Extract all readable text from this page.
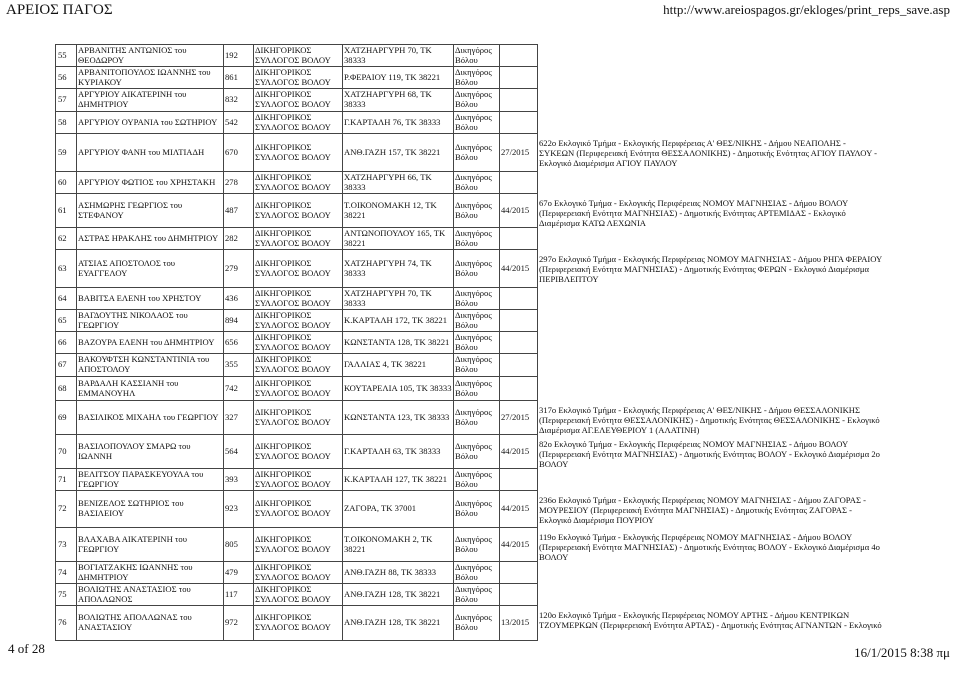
ΑΡΕΙΟΣ ΠΑΓΟΣ	http://www.areiospagos.gr/ekloges/print_reps_save.asp
55	ΑΡΒΑΝΙΤΗΣ ΑΝΤΩΝΙΟΣ του ΘΕΟΔΩΡΟΥ	192	ΔΙΚΗΓΟΡΙΚΟΣ ΣΥΛΛΟΓΟΣ ΒΟΛΟΥ	ΧΑΤΖΗΑΡΓΥΡΗ 70, ΤΚ 38333	Δικηγόρος Βόλου		
56	ΑΡΒΑΝΙΤΟΠΟΥΛΟΣ ΙΩΑΝΝΗΣ του ΚΥΡΙΑΚΟΥ	861	ΔΙΚΗΓΟΡΙΚΟΣ ΣΥΛΛΟΓΟΣ ΒΟΛΟΥ	Ρ.ΦΕΡΑΙΟΥ 119, ΤΚ 38221	Δικηγόρος Βόλου		
57	ΑΡΓΥΡΙΟΥ ΑΙΚΑΤΕΡΙΝΗ του ΔΗΜΗΤΡΙΟΥ	832	ΔΙΚΗΓΟΡΙΚΟΣ ΣΥΛΛΟΓΟΣ ΒΟΛΟΥ	ΧΑΤΖΗΑΡΓΥΡΗ 68, ΤΚ 38333	Δικηγόρος Βόλου		
58	ΑΡΓΥΡΙΟΥ ΟΥΡΑΝΙΑ του ΣΩΤΗΡΙΟΥ	542	ΔΙΚΗΓΟΡΙΚΟΣ ΣΥΛΛΟΓΟΣ ΒΟΛΟΥ	Γ.ΚΑΡΤΑΛΗ 76, ΤΚ 38333	Δικηγόρος Βόλου		
59	ΑΡΓΥΡΙΟΥ ΦΑΝΗ του ΜΙΛΤΙΑΔΗ	670	ΔΙΚΗΓΟΡΙΚΟΣ ΣΥΛΛΟΓΟΣ ΒΟΛΟΥ	ΑΝΘ.ΓΑΖΗ 157, ΤΚ 38221	Δικηγόρος Βόλου	27/2015	622ο Εκλογικό Τμήμα - Εκλογικής Περιφέρειας Α' ΘΕΣ/ΝΙΚΗΣ - Δήμου ΝΕΑΠΟΛΗΣ - ΣΥΚΕΩΝ (Περιφερειακή Ενότητα ΘΕΣΣΑΛΟΝΙΚΗΣ) - Δημοτικής Ενότητας ΑΓΙΟΥ ΠΑΥΛΟΥ - Εκλογικό Διαμέρισμα ΑΓΙΟΥ ΠΑΥΛΟΥ
60	ΑΡΓΥΡΙΟΥ ΦΩΤΙΟΣ του ΧΡΗΣΤΑΚΗ	278	ΔΙΚΗΓΟΡΙΚΟΣ ΣΥΛΛΟΓΟΣ ΒΟΛΟΥ	ΧΑΤΖΗΑΡΓΥΡΗ 66, ΤΚ 38333	Δικηγόρος Βόλου		
61	ΑΣΗΜΩΡΗΣ ΓΕΩΡΓΙΟΣ του ΣΤΕΦΑΝΟΥ	487	ΔΙΚΗΓΟΡΙΚΟΣ ΣΥΛΛΟΓΟΣ ΒΟΛΟΥ	Τ.ΟΙΚΟΝΟΜΑΚΗ 12, ΤΚ 38221	Δικηγόρος Βόλου	44/2015	67ο Εκλογικό Τμήμα - Εκλογικής Περιφέρειας ΝΟΜΟΥ ΜΑΓΝΗΣΙΑΣ - Δήμου ΒΟΛΟΥ (Περιφερειακή Ενότητα ΜΑΓΝΗΣΙΑΣ) - Δημοτικής Ενότητας ΑΡΤΕΜΙΔΑΣ - Εκλογικό Διαμέρισμα ΚΑΤΩ ΛΕΧΩΝΙΑ
62	ΑΣΤΡΑΣ ΗΡΑΚΛΗΣ του ΔΗΜΗΤΡΙΟΥ	282	ΔΙΚΗΓΟΡΙΚΟΣ ΣΥΛΛΟΓΟΣ ΒΟΛΟΥ	ΑΝΤΩΝΟΠΟΥΛΟΥ 165, ΤΚ 38221	Δικηγόρος Βόλου		
63	ΑΤΣΙΑΣ ΑΠΟΣΤΟΛΟΣ του ΕΥΑΓΓΕΛΟΥ	279	ΔΙΚΗΓΟΡΙΚΟΣ ΣΥΛΛΟΓΟΣ ΒΟΛΟΥ	ΧΑΤΖΗΑΡΓΥΡΗ 74, ΤΚ 38333	Δικηγόρος Βόλου	44/2015	297ο Εκλογικό Τμήμα - Εκλογικής Περιφέρειας ΝΟΜΟΥ ΜΑΓΝΗΣΙΑΣ - Δήμου ΡΗΓΑ ΦΕΡΑΙΟΥ (Περιφερειακή Ενότητα ΜΑΓΝΗΣΙΑΣ) - Δημοτικής Ενότητας ΦΕΡΩΝ - Εκλογικό Διαμέρισμα ΠΕΡΙΒΛΕΠΤΟΥ
64	ΒΑΒΙΤΣΑ ΕΛΕΝΗ του ΧΡΗΣΤΟΥ	436	ΔΙΚΗΓΟΡΙΚΟΣ ΣΥΛΛΟΓΟΣ ΒΟΛΟΥ	ΧΑΤΖΗΑΡΓΥΡΗ 70, ΤΚ 38333	Δικηγόρος Βόλου		
65	ΒΑΓΔΟΥΤΗΣ ΝΙΚΟΛΑΟΣ του ΓΕΩΡΓΙΟΥ	894	ΔΙΚΗΓΟΡΙΚΟΣ ΣΥΛΛΟΓΟΣ ΒΟΛΟΥ	Κ.ΚΑΡΤΑΛΗ 172, ΤΚ 38221	Δικηγόρος Βόλου		
66	ΒΑΖΟΥΡΑ ΕΛΕΝΗ του ΔΗΜΗΤΡΙΟΥ	656	ΔΙΚΗΓΟΡΙΚΟΣ ΣΥΛΛΟΓΟΣ ΒΟΛΟΥ	ΚΩΝΣΤΑΝΤΑ 128, ΤΚ 38221	Δικηγόρος Βόλου		
67	ΒΑΚΟΥΦΤΣΗ ΚΩΝΣΤΑΝΤΙΝΙΑ του ΑΠΟΣΤΟΛΟΥ	355	ΔΙΚΗΓΟΡΙΚΟΣ ΣΥΛΛΟΓΟΣ ΒΟΛΟΥ	ΓΑΛΛΙΑΣ 4, ΤΚ 38221	Δικηγόρος Βόλου		
68	ΒΑΡΔΑΛΗ ΚΑΣΣΙΑΝΗ του ΕΜΜΑΝΟΥΗΛ	742	ΔΙΚΗΓΟΡΙΚΟΣ ΣΥΛΛΟΓΟΣ ΒΟΛΟΥ	ΚΟΥΤΑΡΕΛΙΑ 105, ΤΚ 38333	Δικηγόρος Βόλου		
69	ΒΑΣΙΛΙΚΟΣ ΜΙΧΑΗΛ του ΓΕΩΡΓΙΟΥ	327	ΔΙΚΗΓΟΡΙΚΟΣ ΣΥΛΛΟΓΟΣ ΒΟΛΟΥ	ΚΩΝΣΤΑΝΤΑ 123, ΤΚ 38333	Δικηγόρος Βόλου	27/2015	317ο Εκλογικό Τμήμα - Εκλογικής Περιφέρειας Α' ΘΕΣ/ΝΙΚΗΣ - Δήμου ΘΕΣΣΑΛΟΝΙΚΗΣ (Περιφερειακή Ενότητα ΘΕΣΣΑΛΟΝΙΚΗΣ) - Δημοτικής Ενότητας ΘΕΣΣΑΛΟΝΙΚΗΣ - Εκλογικό Διαμέρισμα ΑΓ.ΕΛΕΥΘΕΡΙΟΥ 1 (ΑΛΑΤΙΝΗ)
70	ΒΑΣΙΛΟΠΟΥΛΟΥ ΣΜΑΡΩ του ΙΩΑΝΝΗ	564	ΔΙΚΗΓΟΡΙΚΟΣ ΣΥΛΛΟΓΟΣ ΒΟΛΟΥ	Γ.ΚΑΡΤΑΛΗ 63, ΤΚ 38333	Δικηγόρος Βόλου	44/2015	82ο Εκλογικό Τμήμα - Εκλογικής Περιφέρειας ΝΟΜΟΥ ΜΑΓΝΗΣΙΑΣ - Δήμου ΒΟΛΟΥ (Περιφερειακή Ενότητα ΜΑΓΝΗΣΙΑΣ) - Δημοτικής Ενότητας ΒΟΛΟΥ - Εκλογικό Διαμέρισμα 2ο ΒΟΛΟΥ
71	ΒΕΛΙΤΣΟΥ ΠΑΡΑΣΚΕΥΟΥΛΑ του ΓΕΩΡΓΙΟΥ	393	ΔΙΚΗΓΟΡΙΚΟΣ ΣΥΛΛΟΓΟΣ ΒΟΛΟΥ	Κ.ΚΑΡΤΑΛΗ 127, ΤΚ 38221	Δικηγόρος Βόλου		
72	ΒΕΝΙΖΕΛΟΣ ΣΩΤΗΡΙΟΣ του ΒΑΣΙΛΕΙΟΥ	923	ΔΙΚΗΓΟΡΙΚΟΣ ΣΥΛΛΟΓΟΣ ΒΟΛΟΥ	ΖΑΓΟΡΑ, ΤΚ 37001	Δικηγόρος Βόλου	44/2015	236ο Εκλογικό Τμήμα - Εκλογικής Περιφέρειας ΝΟΜΟΥ ΜΑΓΝΗΣΙΑΣ - Δήμου ΖΑΓΟΡΑΣ - ΜΟΥΡΕΣΙΟΥ (Περιφερειακή Ενότητα ΜΑΓΝΗΣΙΑΣ) - Δημοτικής Ενότητας ΖΑΓΟΡΑΣ - Εκλογικό Διαμέρισμα ΠΟΥΡΙΟΥ
73	ΒΛΑΧΑΒΑ ΑΙΚΑΤΕΡΙΝΗ του ΓΕΩΡΓΙΟΥ	805	ΔΙΚΗΓΟΡΙΚΟΣ ΣΥΛΛΟΓΟΣ ΒΟΛΟΥ	Τ.ΟΙΚΟΝΟΜΑΚΗ 2, ΤΚ 38221	Δικηγόρος Βόλου	44/2015	119ο Εκλογικό Τμήμα - Εκλογικής Περιφέρειας ΝΟΜΟΥ ΜΑΓΝΗΣΙΑΣ - Δήμου ΒΟΛΟΥ (Περιφερειακή Ενότητα ΜΑΓΝΗΣΙΑΣ) - Δημοτικής Ενότητας ΒΟΛΟΥ - Εκλογικό Διαμέρισμα 4ο ΒΟΛΟΥ
74	ΒΟΓΙΑΤΖΑΚΗΣ ΙΩΑΝΝΗΣ του ΔΗΜΗΤΡΙΟΥ	479	ΔΙΚΗΓΟΡΙΚΟΣ ΣΥΛΛΟΓΟΣ ΒΟΛΟΥ	ΑΝΘ.ΓΑΖΗ 88, ΤΚ 38333	Δικηγόρος Βόλου		
75	ΒΟΛΙΩΤΗΣ ΑΝΑΣΤΑΣΙΟΣ του ΑΠΟΛΛΩΝΟΣ	117	ΔΙΚΗΓΟΡΙΚΟΣ ΣΥΛΛΟΓΟΣ ΒΟΛΟΥ	ΑΝΘ.ΓΑΖΗ 128, ΤΚ 38221	Δικηγόρος Βόλου		
76	ΒΟΛΙΩΤΗΣ ΑΠΟΛΛΩΝΑΣ του ΑΝΑΣΤΑΣΙΟΥ	972	ΔΙΚΗΓΟΡΙΚΟΣ ΣΥΛΛΟΓΟΣ ΒΟΛΟΥ	ΑΝΘ.ΓΑΖΗ 128, ΤΚ 38221	Δικηγόρος Βόλου	13/2015	120ο Εκλογικό Τμήμα - Εκλογικής Περιφέρειας ΝΟΜΟΥ ΑΡΤΗΣ - Δήμου ΚΕΝΤΡΙΚΩΝ ΤΖΟΥΜΕΡΚΩΝ (Περιφερειακή Ενότητα ΑΡΤΑΣ) - Δημοτικής Ενότητας ΑΓΝΑΝΤΩΝ - Εκλογικό
4 of 28	16/1/2015 8:38 πμ
